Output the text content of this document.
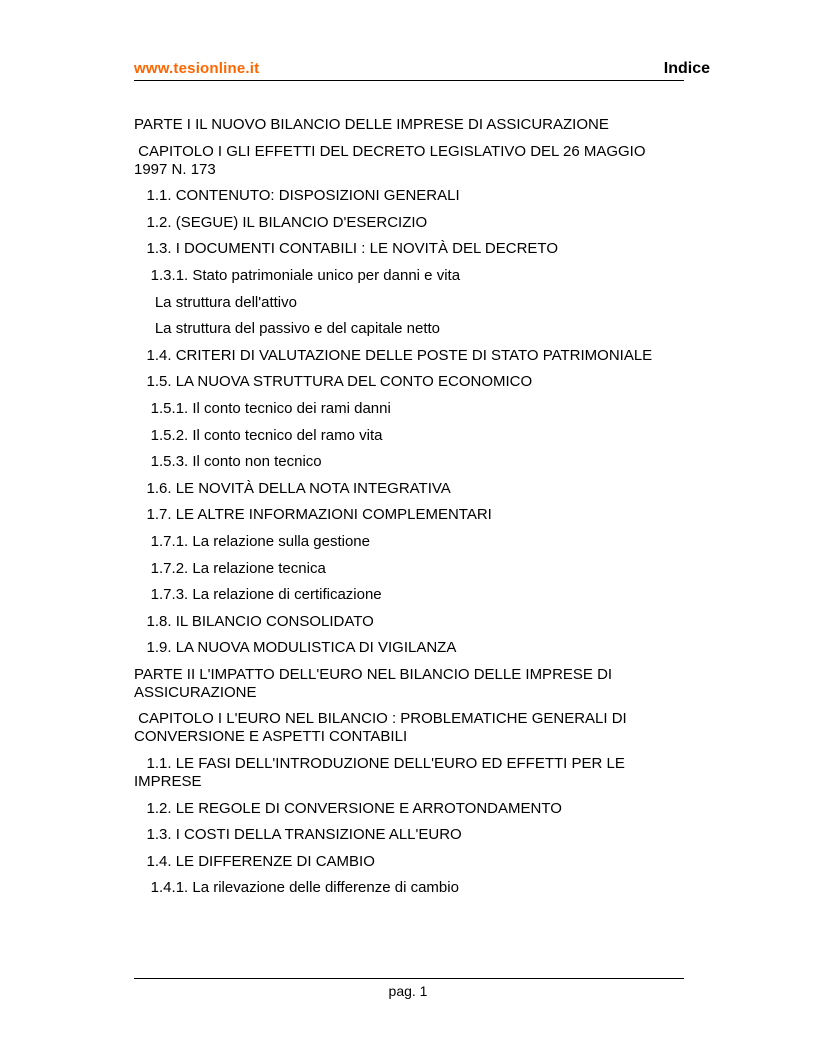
www.tesionline.it	Indice
PARTE I IL NUOVO BILANCIO DELLE IMPRESE DI ASSICURAZIONE
CAPITOLO I GLI EFFETTI DEL DECRETO LEGISLATIVO DEL 26 MAGGIO 1997 N. 173
1.1. CONTENUTO: DISPOSIZIONI GENERALI
1.2. (SEGUE) IL BILANCIO D'ESERCIZIO
1.3. I DOCUMENTI CONTABILI : LE NOVITÀ DEL DECRETO
1.3.1. Stato patrimoniale unico per danni e vita
La struttura dell'attivo
La struttura del passivo e del capitale netto
1.4. CRITERI DI VALUTAZIONE DELLE POSTE DI STATO PATRIMONIALE
1.5. LA NUOVA STRUTTURA DEL CONTO ECONOMICO
1.5.1. Il conto tecnico dei rami danni
1.5.2. Il conto tecnico del ramo vita
1.5.3. Il conto non tecnico
1.6. LE NOVITÀ DELLA NOTA INTEGRATIVA
1.7. LE ALTRE INFORMAZIONI COMPLEMENTARI
1.7.1. La relazione sulla gestione
1.7.2. La relazione tecnica
1.7.3. La relazione di certificazione
1.8. IL BILANCIO CONSOLIDATO
1.9. LA NUOVA MODULISTICA DI VIGILANZA
PARTE II L'IMPATTO DELL'EURO NEL BILANCIO DELLE IMPRESE DI ASSICURAZIONE
CAPITOLO I L'EURO NEL BILANCIO : PROBLEMATICHE GENERALI DI CONVERSIONE E ASPETTI CONTABILI
1.1. LE FASI DELL'INTRODUZIONE DELL'EURO ED EFFETTI PER LE IMPRESE
1.2. LE REGOLE DI CONVERSIONE E ARROTONDAMENTO
1.3. I COSTI DELLA TRANSIZIONE ALL'EURO
1.4. LE DIFFERENZE DI CAMBIO
1.4.1. La rilevazione delle differenze di cambio
pag. 1
